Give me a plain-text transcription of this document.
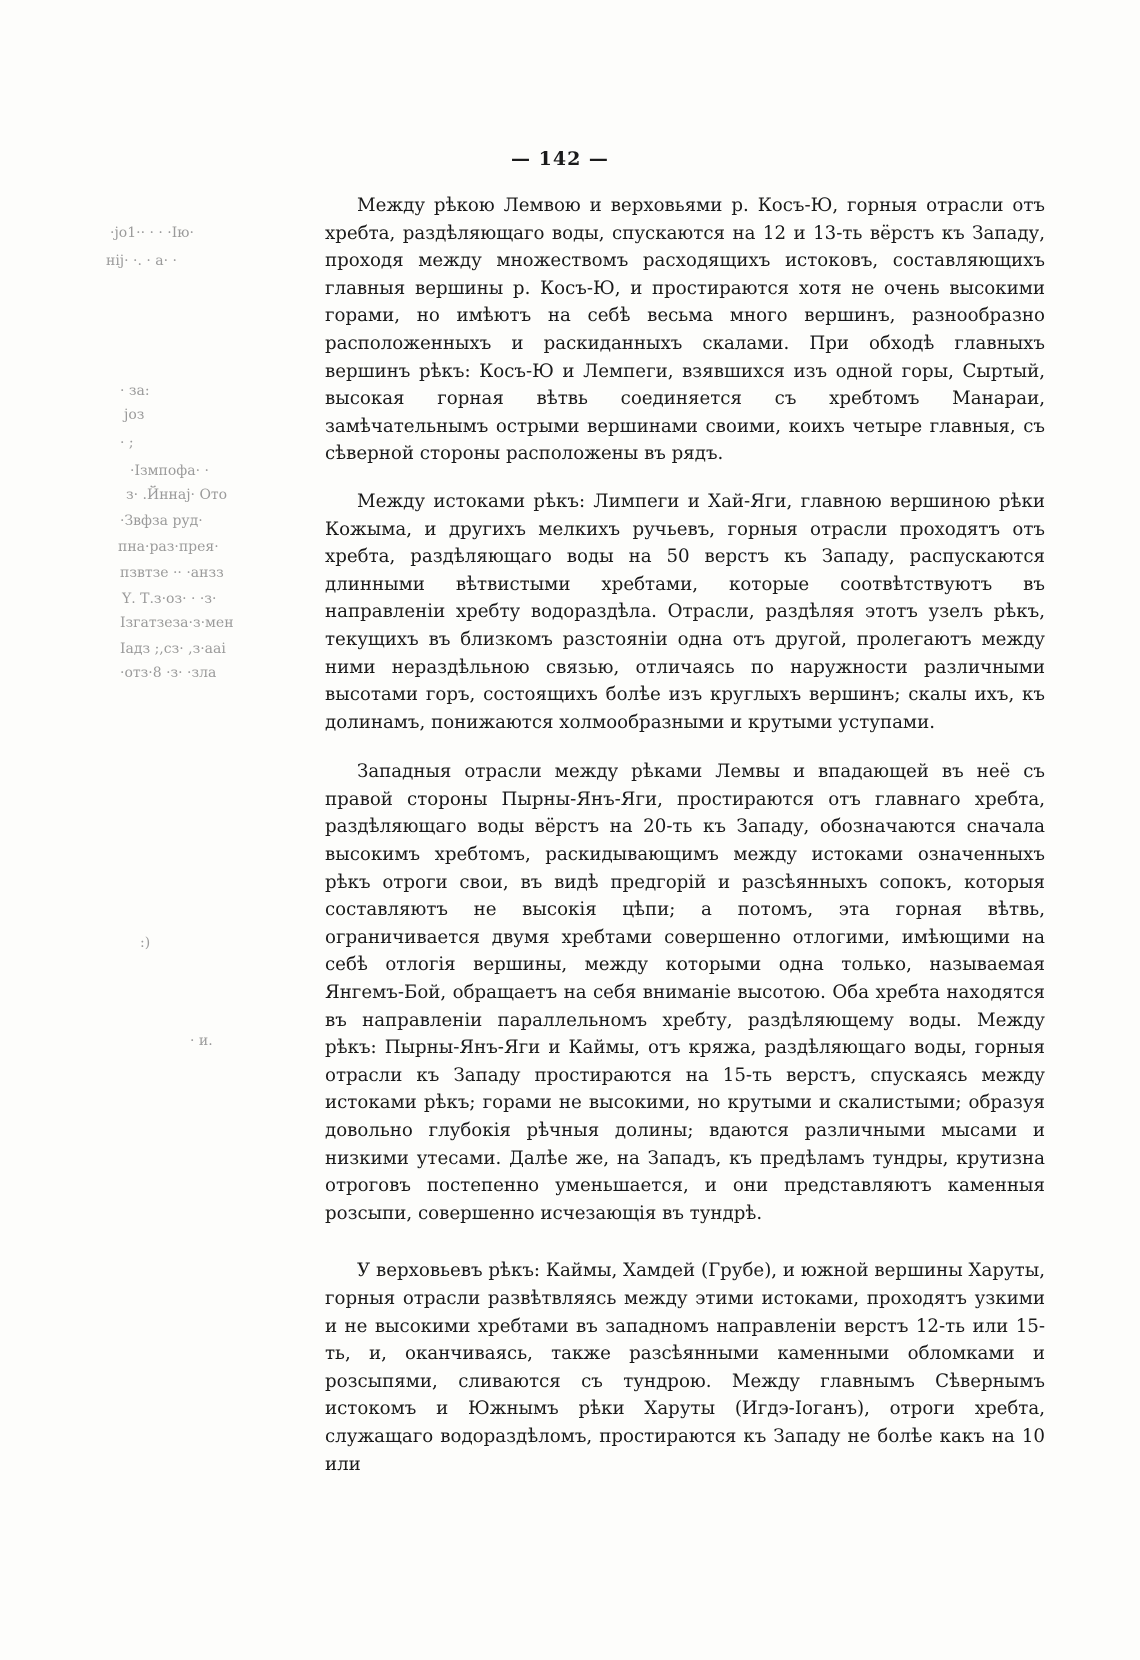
— 142 —
·јо1·· · · ·Ію·
ніј· ·. · а· ·
· за:
јоз
· ;
·Ізмпофа· ·
з· .Йннај· Ото
·Звфза руд·
пна·раз·прея·
пзвтзе ·· ·анзз
Ү. Т.з·оз· · ·з·
Ізгатзеза·з·мен
Іадз ;,сз· ,з·ааі
·отз·8 ·з· ·зла
:)
· и.

Между рѣкою Лемвою и верховьями р. Косъ-Ю, горныя отрасли отъ хребта, раздѣляющаго воды, спускаются на 12 и 13-ть вёрстъ къ Западу, проходя между множествомъ расходящихъ истоковъ, составляющихъ главныя вершины р. Косъ-Ю, и простираются хотя не очень высокими горами, но имѣютъ на себѣ весьма много вершинъ, разнообразно расположенныхъ и раскиданныхъ скалами. При обходѣ главныхъ вершинъ рѣкъ: Косъ-Ю и Лемпеги, взявшихся изъ одной горы, Сыртый, высокая горная вѣтвь соединяется съ хребтомъ Манараи, замѣчательнымъ острыми вершинами своими, коихъ четыре главныя, съ сѣверной стороны расположены въ рядъ.

Между истоками рѣкъ: Лимпеги и Хай-Яги, главною вершиною рѣки Кожыма, и другихъ мелкихъ ручьевъ, горныя отрасли проходятъ отъ хребта, раздѣляющаго воды на 50 верстъ къ Западу, распускаются длинными вѣтвистыми хребтами, которые соотвѣтствуютъ въ направленіи хребту водораздѣла. Отрасли, раздѣляя этотъ узелъ рѣкъ, текущихъ въ близкомъ разстояніи одна отъ другой, пролегаютъ между ними нераздѣльною связью, отличаясь по наружности различными высотами горъ, состоящихъ болѣе изъ круглыхъ вершинъ; скалы ихъ, къ долинамъ, понижаются холмообразными и крутыми уступами.

Западныя отрасли между рѣками Лемвы и впадающей въ неё съ правой стороны Пырны-Янъ-Яги, простираются отъ главнаго хребта, раздѣляющаго воды вёрстъ на 20-ть къ Западу, обозначаются сначала высокимъ хребтомъ, раскидывающимъ между истоками означенныхъ рѣкъ отроги свои, въ видѣ предгорій и разсѣянныхъ сопокъ, которыя составляютъ не высокія цѣпи; а потомъ, эта горная вѣтвь, ограничивается двумя хребтами совершенно отлогими, имѣющими на себѣ отлогія вершины, между которыми одна только, называемая Янгемъ-Бой, обращаетъ на себя вниманіе высотою. Оба хребта находятся въ направленіи параллельномъ хребту, раздѣляющему воды. Между рѣкъ: Пырны-Янъ-Яги и Каймы, отъ кряжа, раздѣляющаго воды, горныя отрасли къ Западу простираются на 15-ть верстъ, спускаясь между истоками рѣкъ; горами не высокими, но крутыми и скалистыми; образуя довольно глубокія рѣчныя долины; вдаются различными мысами и низкими утесами. Далѣе же, на Западъ, къ предѣламъ тундры, крутизна отроговъ постепенно уменьшается, и они представляютъ каменныя розсыпи, совершенно исчезающія въ тундрѣ.

У верховьевъ рѣкъ: Каймы, Хамдей (Грубе), и южной вершины Харуты, горныя отрасли развѣтвляясь между этими истоками, проходятъ узкими и не высокими хребтами въ западномъ направленіи верстъ 12-ть или 15-ть, и, оканчиваясь, также разсѣянными каменными обломками и розсыпями, сливаются съ тундрою. Между главнымъ Сѣвернымъ истокомъ и Южнымъ рѣки Харуты (Игдэ-Іоганъ), отроги хребта, служащаго водораздѣломъ, простираются къ Западу не болѣе какъ на 10 или
